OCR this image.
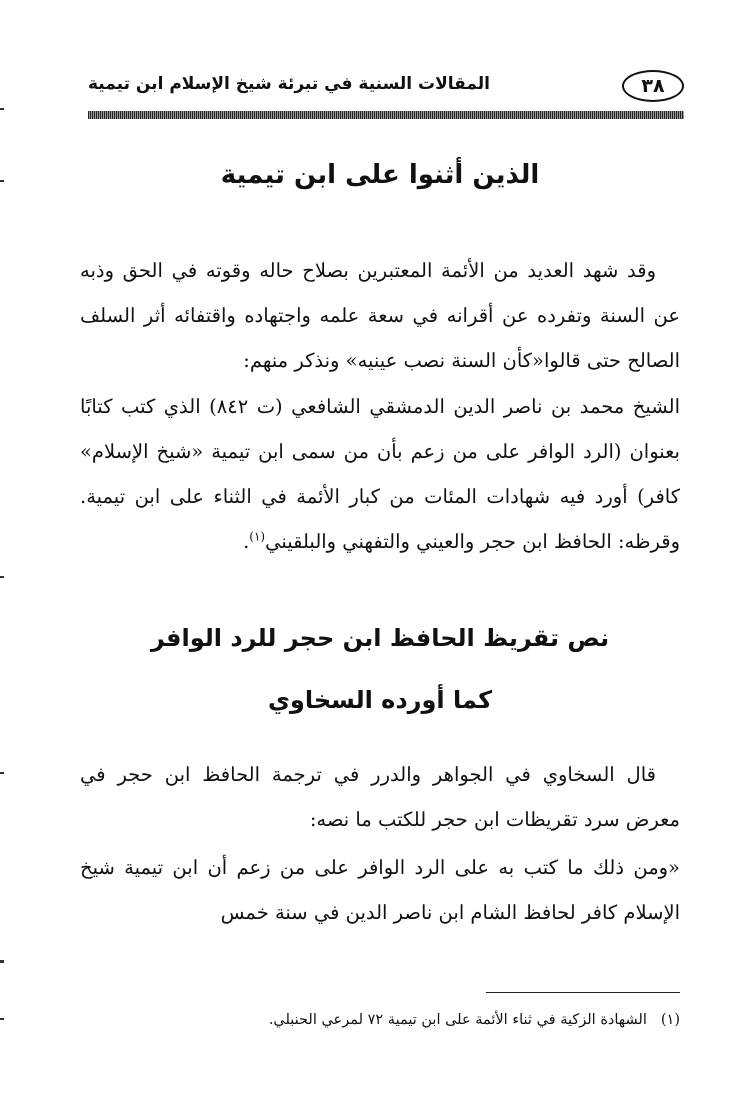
المقالات السنية في تبرئة شيخ الإسلام ابن تيمية	٣٨
الذين أثنوا على ابن تيمية
وقد شهد العديد من الأئمة المعتبرين بصلاح حاله وقوته في الحق وذبه عن السنة وتفرده عن أقرانه في سعة علمه واجتهاده واقتفائه أثر السلف الصالح حتى قالوا«كأن السنة نصب عينيه» ونذكر منهم:
الشيخ محمد بن ناصر الدين الدمشقي الشافعي (ت ٨٤٢) الذي كتب كتابًا بعنوان (الرد الوافر على من زعم بأن من سمى ابن تيمية «شيخ الإسلام» كافر) أورد فيه شهادات المئات من كبار الأئمة في الثناء على ابن تيمية. وقرظه: الحافظ ابن حجر والعيني والتفهني والبلقيني$^{(١)}$.
نص تقريظ الحافظ ابن حجر للرد الوافر
كما أورده السخاوي
قال السخاوي في الجواهر والدرر في ترجمة الحافظ ابن حجر في معرض سرد تقريظات ابن حجر للكتب ما نصه:
«ومن ذلك ما كتب به على الرد الوافر على من زعم أن ابن تيمية شيخ الإسلام كافر لحافظ الشام ابن ناصر الدين في سنة خمس
(١)الشهادة الزكية في ثناء الأئمة على ابن تيمية ٧٢ لمرعي الحنبلي.
